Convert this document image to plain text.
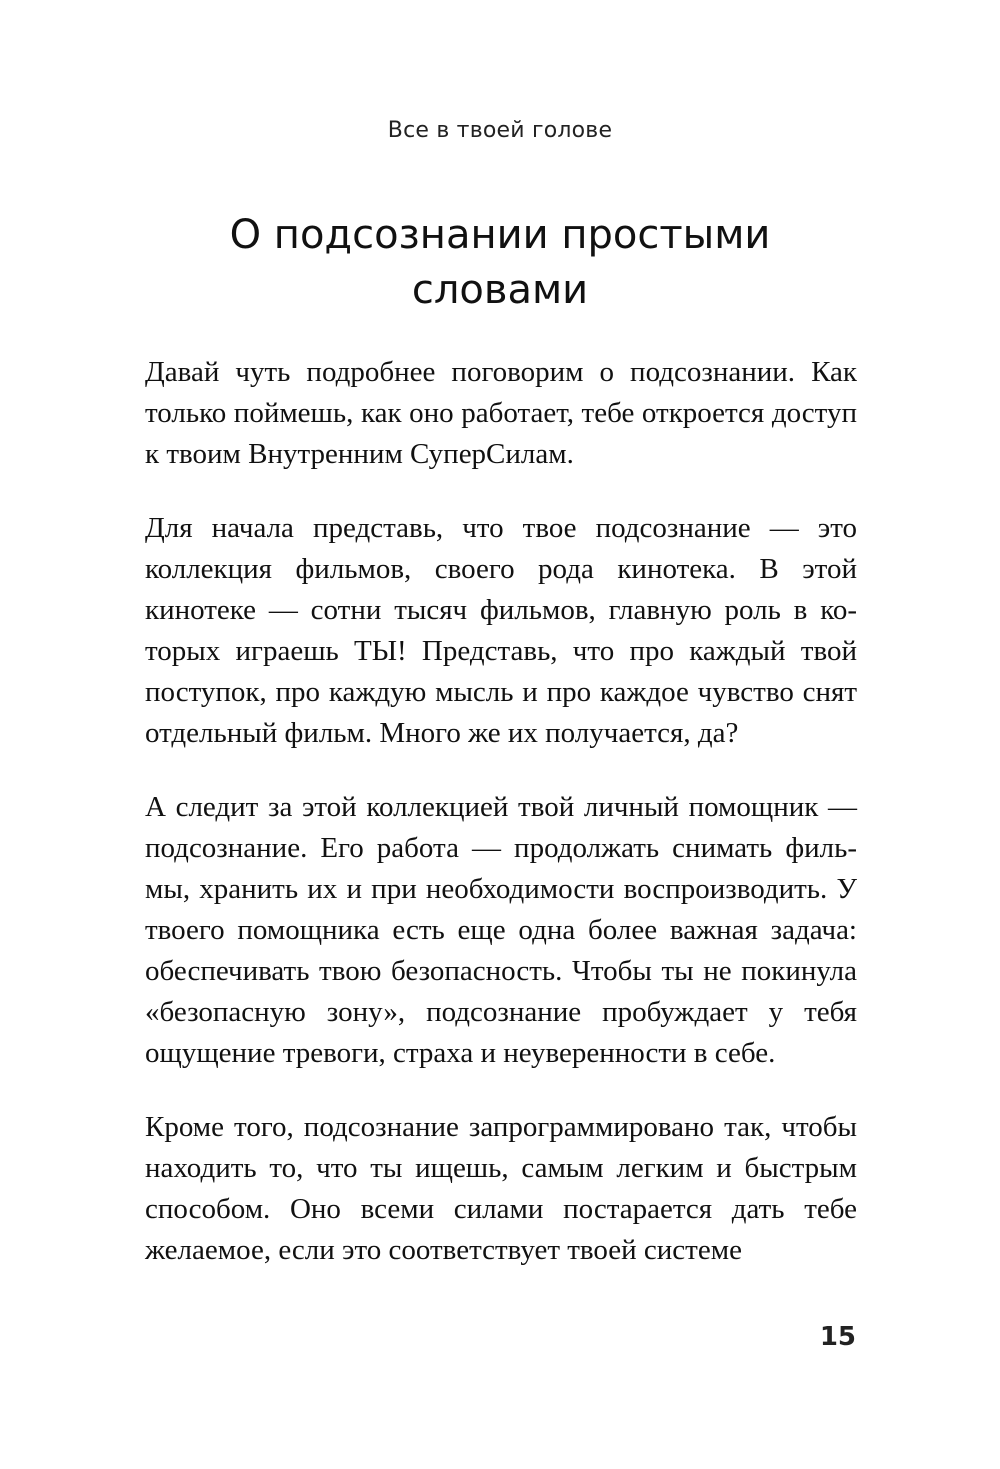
Все в твоей голове
О подсознании простыми
словами

Давай чуть подробнее поговорим о подсознании. Как только поймешь, как оно работает, тебе откроется доступ к твоим Внутренним СуперСилам.

Для начала представь, что твое подсознание — это коллекция фильмов, своего рода кинотека. В этой кинотеке — сотни тысяч фильмов, главную роль в которых играешь ТЫ! Представь, что про каждый твой поступок, про каждую мысль и про каждое чувство снят отдельный фильм. Много же их получается, да?

А следит за этой коллекцией твой личный помощник — подсознание. Его работа — продолжать снимать фильмы, хранить их и при необходимости воспроизводить. У твоего помощника есть еще одна более важная задача: обеспечивать твою безопасность. Чтобы ты не покинула «безопасную зону», подсознание пробуждает у тебя ощущение тревоги, страха и неуверенности в себе.

Кроме того, подсознание запрограммировано так, чтобы находить то, что ты ищешь, самым легким и быстрым способом. Оно всеми силами постарается дать тебе желаемое, если это соответствует твоей системе

15
